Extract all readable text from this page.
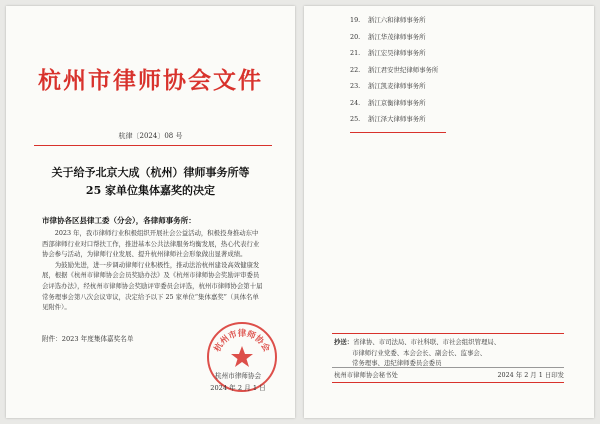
杭州市律师协会文件
杭律〔2024〕08 号
关于给予北京大成（杭州）律师事务所等
25 家单位集体嘉奖的决定
市律协各区县律工委（分会），各律师事务所：

2023 年，我市律师行业积极组织开展社会公益活动，积极投身推动东中西部律师行业对口帮扶工作，推进基本公共法律服务均衡发展，热心代表行业协会参与活动，为律师行业发展、提升杭州律师社会形象做出显著成绩。

为鼓励先进，进一步调动律师行业积极性，推动法治杭州建设高效健康发展，根据《杭州市律师协会会员奖励办法》及《杭州市律师协会奖励评审委员会评选办法》，经杭州市律师协会奖励评审委员会评选，杭州市律师协会第十届常务理事会第八次会议审议，决定给予以下 25 家单位“集体嘉奖”（具体名单见附件）。

附件：2023 年度集体嘉奖名单
杭州市律师协会
杭州市律师协会
2024 年 2 月 1 日
19. 浙江六和律师事务所
20. 浙江华茂律师事务所
21. 浙江宏昊律师事务所
22. 浙江君安世纪律师事务所
23. 浙江凯麦律师事务所
24. 浙江京衡律师事务所
25. 浙江泽大律师事务所
抄送：省律协、市司法局、市社科联、市社会组织管理局、
市律师行业党委、本会会长、副会长、监事会、
常务理事、违纪律师委员会委员
杭州市律师协会秘书处	2024 年 2 月 1 日印发
